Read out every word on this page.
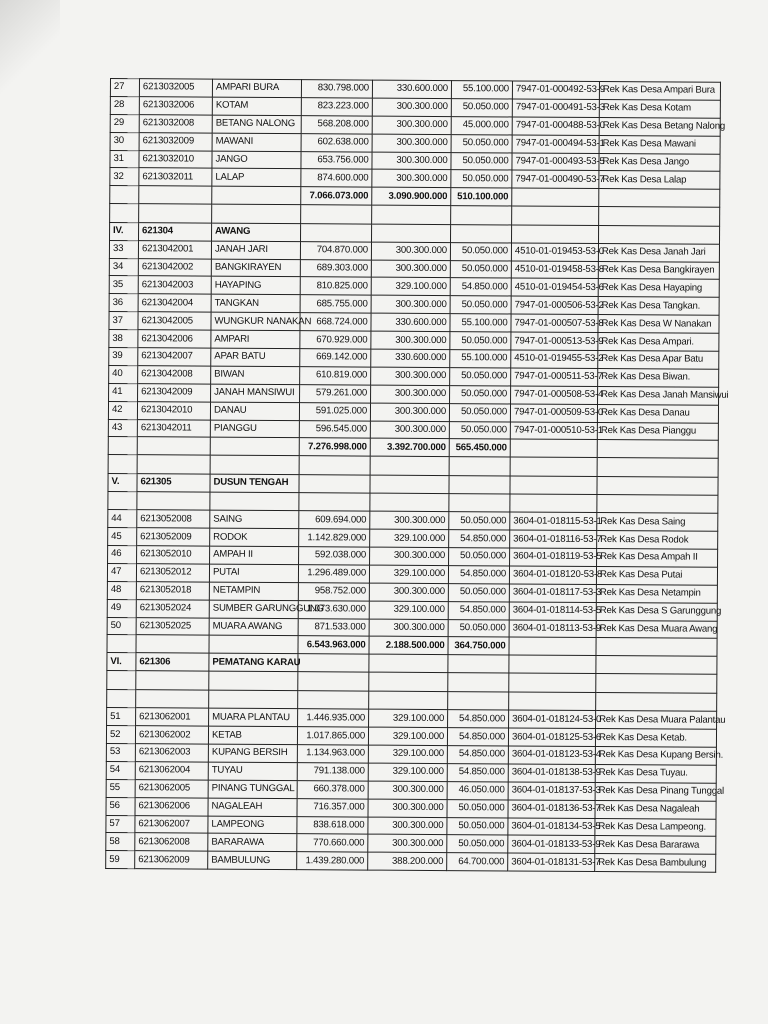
27	6213032005	AMPARI BURA	830.798.000	330.600.000	55.100.000	7947-01-000492-53-9	Rek Kas Desa Ampari Bura
28	6213032006	KOTAM	823.223.000	300.300.000	50.050.000	7947-01-000491-53-3	Rek Kas Desa Kotam
29	6213032008	BETANG NALONG	568.208.000	300.300.000	45.000.000	7947-01-000488-53-0	Rek Kas Desa Betang Nalong
30	6213032009	MAWANI	602.638.000	300.300.000	50.050.000	7947-01-000494-53-1	Rek Kas Desa Mawani
31	6213032010	JANGO	653.756.000	300.300.000	50.050.000	7947-01-000493-53-5	Rek Kas Desa Jango
32	6213032011	LALAP	874.600.000	300.300.000	50.050.000	7947-01-000490-53-7	Rek Kas Desa Lalap
			7.066.073.000	3.090.900.000	510.100.000		

IV.	621304	AWANG					
33	6213042001	JANAH JARI	704.870.000	300.300.000	50.050.000	4510-01-019453-53-0	Rek Kas Desa Janah Jari
34	6213042002	BANGKIRAYEN	689.303.000	300.300.000	50.050.000	4510-01-019458-53-8	Rek Kas Desa Bangkirayen
35	6213042003	HAYAPING	810.825.000	329.100.000	54.850.000	4510-01-019454-53-6	Rek Kas Desa Hayaping
36	6213042004	TANGKAN	685.755.000	300.300.000	50.050.000	7947-01-000506-53-2	Rek Kas Desa Tangkan.
37	6213042005	WUNGKUR NANAKAN	668.724.000	330.600.000	55.100.000	7947-01-000507-53-8	Rek Kas Desa W Nanakan
38	6213042006	AMPARI	670.929.000	300.300.000	50.050.000	7947-01-000513-53-9	Rek Kas Desa Ampari.
39	6213042007	APAR BATU	669.142.000	330.600.000	55.100.000	4510-01-019455-53-2	Rek Kas Desa Apar Batu
40	6213042008	BIWAN	610.819.000	300.300.000	50.050.000	7947-01-000511-53-7	Rek Kas Desa Biwan.
41	6213042009	JANAH MANSIWUI	579.261.000	300.300.000	50.050.000	7947-01-000508-53-4	Rek Kas Desa Janah Mansiwui
42	6213042010	DANAU	591.025.000	300.300.000	50.050.000	7947-01-000509-53-0	Rek Kas Desa Danau
43	6213042011	PIANGGU	596.545.000	300.300.000	50.050.000	7947-01-000510-53-1	Rek Kas Desa Pianggu
			7.276.998.000	3.392.700.000	565.450.000		

V.	621305	DUSUN TENGAH					

44	6213052008	SAING	609.694.000	300.300.000	50.050.000	3604-01-018115-53-1	Rek Kas Desa Saing
45	6213052009	RODOK	1.142.829.000	329.100.000	54.850.000	3604-01-018116-53-7	Rek Kas Desa Rodok
46	6213052010	AMPAH II	592.038.000	300.300.000	50.050.000	3604-01-018119-53-5	Rek Kas Desa Ampah II
47	6213052012	PUTAI	1.296.489.000	329.100.000	54.850.000	3604-01-018120-53-8	Rek Kas Desa Putai
48	6213052018	NETAMPIN	958.752.000	300.300.000	50.050.000	3604-01-018117-53-3	Rek Kas Desa Netampin
49	6213052024	SUMBER GARUNGGUNG	1.073.630.000	329.100.000	54.850.000	3604-01-018114-53-5	Rek Kas Desa S Garunggung
50	6213052025	MUARA AWANG	871.533.000	300.300.000	50.050.000	3604-01-018113-53-9	Rek Kas Desa Muara Awang
			6.543.963.000	2.188.500.000	364.750.000		
VI.	621306	PEMATANG KARAU					

51	6213062001	MUARA PLANTAU	1.446.935.000	329.100.000	54.850.000	3604-01-018124-53-0	Rek Kas Desa Muara Palantau
52	6213062002	KETAB	1.017.865.000	329.100.000	54.850.000	3604-01-018125-53-6	Rek Kas Desa Ketab.
53	6213062003	KUPANG BERSIH	1.134.963.000	329.100.000	54.850.000	3604-01-018123-53-4	Rek Kas Desa Kupang Bersih.
54	6213062004	TUYAU	791.138.000	329.100.000	54.850.000	3604-01-018138-53-9	Rek Kas Desa Tuyau.
55	6213062005	PINANG TUNGGAL	660.378.000	300.300.000	46.050.000	3604-01-018137-53-3	Rek Kas Desa Pinang Tunggal
56	6213062006	NAGALEAH	716.357.000	300.300.000	50.050.000	3604-01-018136-53-7	Rek Kas Desa Nagaleah
57	6213062007	LAMPEONG	838.618.000	300.300.000	50.050.000	3604-01-018134-53-5	Rek Kas Desa Lampeong.
58	6213062008	BARARAWA	770.660.000	300.300.000	50.050.000	3604-01-018133-53-9	Rek Kas Desa Bararawa
59	6213062009	BAMBULUNG	1.439.280.000	388.200.000	64.700.000	3604-01-018131-53-7	Rek Kas Desa Bambulung
